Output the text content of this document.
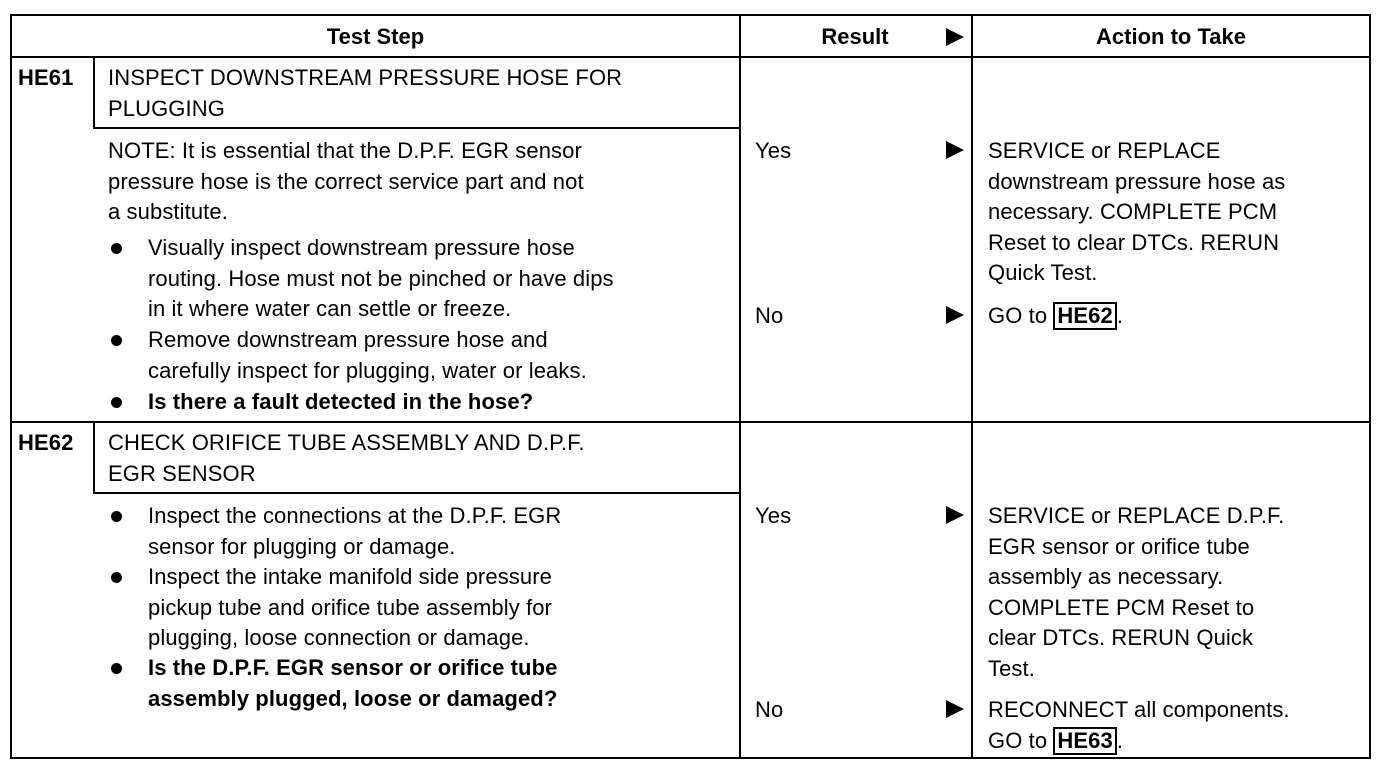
Test Step	Result	Action to Take
HE61 INSPECT DOWNSTREAM PRESSURE HOSE FOR
PLUGGING
NOTE: It is essential that the D.P.F. EGR sensor
pressure hose is the correct service part and not
a substitute.
Visually inspect downstream pressure hose
routing. Hose must not be pinched or have dips
in it where water can settle or freeze.
Remove downstream pressure hose and
carefully inspect for plugging, water or leaks.
Is there a fault detected in the hose?
Yes	SERVICE or REPLACE
downstream pressure hose as
necessary. COMPLETE PCM
Reset to clear DTCs. RERUN
Quick Test.
No	GO to HE62 .
HE62 CHECK ORIFICE TUBE ASSEMBLY AND D.P.F.
EGR SENSOR
Inspect the connections at the D.P.F. EGR
sensor for plugging or damage.
Inspect the intake manifold side pressure
pickup tube and orifice tube assembly for
plugging, loose connection or damage.
Is the D.P.F. EGR sensor or orifice tube
assembly plugged, loose or damaged?
Yes	SERVICE or REPLACE D.P.F.
EGR sensor or orifice tube
assembly as necessary.
COMPLETE PCM Reset to
clear DTCs. RERUN Quick
Test.
No	RECONNECT all components.
GO to HE63 .
